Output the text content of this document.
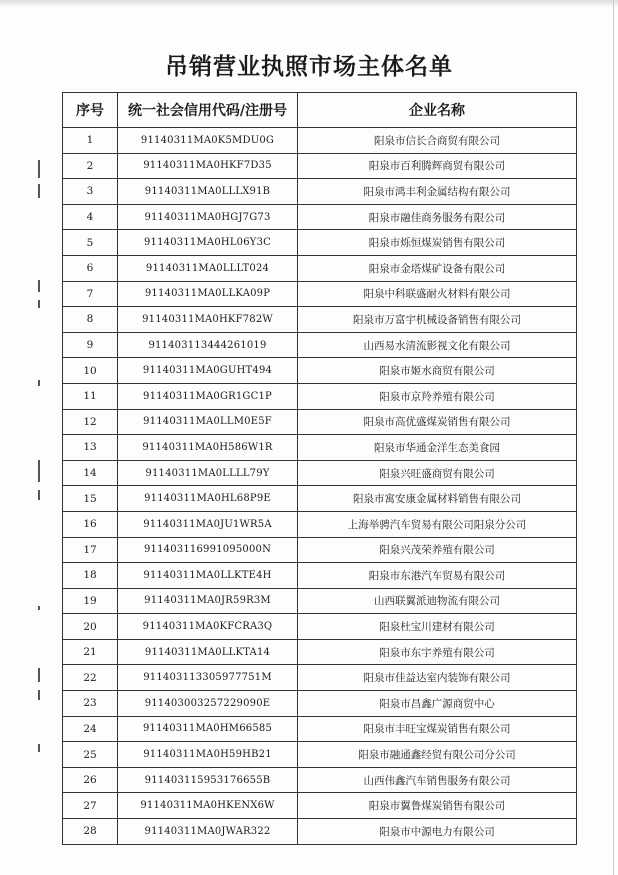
吊销营业执照市场主体名单
序号	统一社会信用代码/注册号	企业名称
1	91140311MA0K5MDU0G	阳泉市信长合商贸有限公司
2	91140311MA0HKF7D35	阳泉市百利腾辉商贸有限公司
3	91140311MA0LLLX91B	阳泉市鸿丰利金属结构有限公司
4	91140311MA0HGJ7G73	阳泉市融佳商务服务有限公司
5	91140311MA0HL06Y3C	阳泉市烁恒煤炭销售有限公司
6	91140311MA0LLLT024	阳泉市金塔煤矿设备有限公司
7	91140311MA0LLKA09P	阳泉中科联盛耐火材料有限公司
8	91140311MA0HKF782W	阳泉市万富宇机械设备销售有限公司
9	911403113444261019	山西易水清流影视文化有限公司
10	91140311MA0GUHT494	阳泉市姬水商贸有限公司
11	91140311MA0GR1GC1P	阳泉市京羚养殖有限公司
12	91140311MA0LLM0E5F	阳泉市高优盛煤炭销售有限公司
13	91140311MA0H586W1R	阳泉市华通金洋生态美食园
14	91140311MA0LLLL79Y	阳泉兴旺盛商贸有限公司
15	91140311MA0HL68P9E	阳泉市寓安康金属材料销售有限公司
16	91140311MA0JU1WR5A	上海举骋汽车贸易有限公司阳泉分公司
17	911403116991095000N	阳泉兴茂荣养殖有限公司
18	91140311MA0LLKTE4H	阳泉市东港汽车贸易有限公司
19	91140311MA0JR59R3M	山西联翼派迪物流有限公司
20	91140311MA0KFCRA3Q	阳泉杜宝川建材有限公司
21	91140311MA0LLKTA14	阳泉市东宇养殖有限公司
22	911403113305977751M	阳泉市佳益达室内装饰有限公司
23	911403003257229090E	阳泉市昌鑫广源商贸中心
24	91140311MA0HM66585	阳泉市丰旺宝煤炭销售有限公司
25	91140311MA0H59HB21	阳泉市融通鑫经贸有限公司分公司
26	911403115953176655B	山西伟鑫汽车销售服务有限公司
27	91140311MA0HKENX6W	阳泉市翼鲁煤炭销售有限公司
28	91140311MA0JWAR322	阳泉市中源电力有限公司
